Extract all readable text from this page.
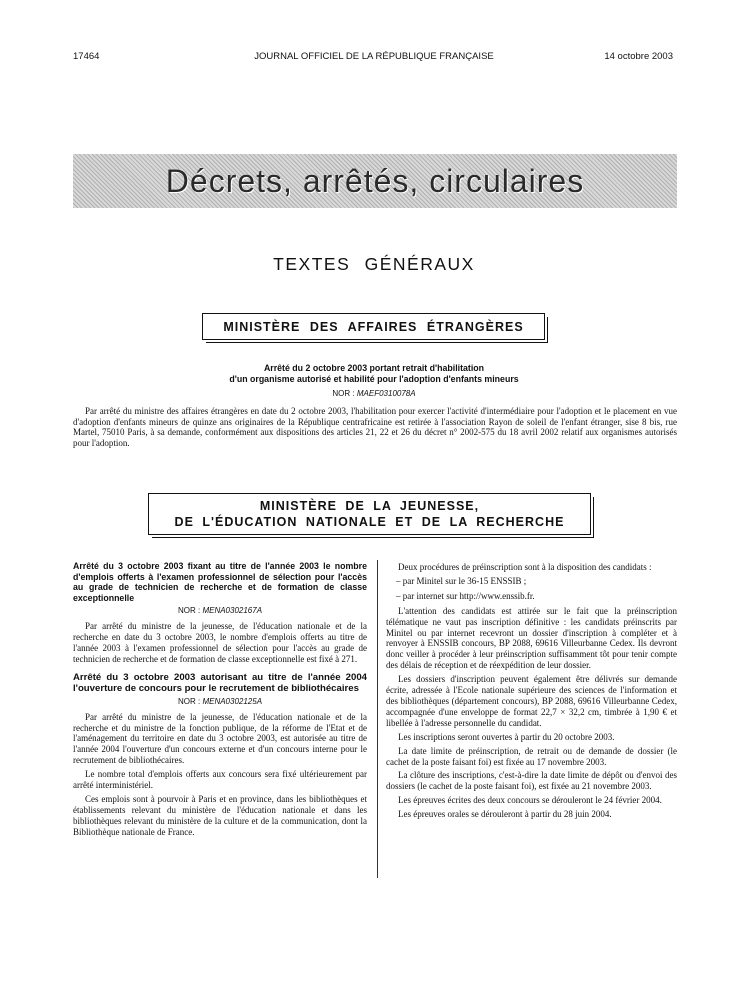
17464	JOURNAL OFFICIEL DE LA RÉPUBLIQUE FRANÇAISE	14 octobre 2003
Décrets, arrêtés, circulaires
TEXTES GÉNÉRAUX
MINISTÈRE DES AFFAIRES ÉTRANGÈRES
Arrêté du 2 octobre 2003 portant retrait d'habilitation
d'un organisme autorisé et habilité pour l'adoption d'enfants mineurs
NOR : MAEF0310078A

Par arrêté du ministre des affaires étrangères en date du 2 octobre 2003, l'habilitation pour exercer l'activité d'intermédiaire pour l'adoption et le placement en vue d'adoption d'enfants mineurs de quinze ans originaires de la République centrafricaine est retirée à l'association Rayon de soleil de l'enfant étranger, sise 8 bis, rue Martel, 75010 Paris, à sa demande, conformément aux dispositions des articles 21, 22 et 26 du décret n° 2002-575 du 18 avril 2002 relatif aux organismes autorisés pour l'adoption.

MINISTÈRE DE LA JEUNESSE,
DE L'ÉDUCATION NATIONALE ET DE LA RECHERCHE
Arrêté du 3 octobre 2003 fixant au titre de l'année 2003 le nombre d'emplois offerts à l'examen professionnel de sélection pour l'accès au grade de technicien de recherche et de formation de classe exceptionnelle
NOR : MENA0302167A

Par arrêté du ministre de la jeunesse, de l'éducation nationale et de la recherche en date du 3 octobre 2003, le nombre d'emplois offerts au titre de l'année 2003 à l'examen professionnel de sélection pour l'accès au grade de technicien de recherche et de formation de classe exceptionnelle est fixé à 271.

Arrêté du 3 octobre 2003 autorisant au titre de l'année 2004 l'ouverture de concours pour le recrutement de bibliothécaires
NOR : MENA0302125A

Par arrêté du ministre de la jeunesse, de l'éducation nationale et de la recherche et du ministre de la fonction publique, de la réforme de l'Etat et de l'aménagement du territoire en date du 3 octobre 2003, est autorisée au titre de l'année 2004 l'ouverture d'un concours externe et d'un concours interne pour le recrutement de bibliothécaires.

Le nombre total d'emplois offerts aux concours sera fixé ultérieurement par arrêté interministériel.

Ces emplois sont à pourvoir à Paris et en province, dans les bibliothèques et établissements relevant du ministère de l'éducation nationale et dans les bibliothèques relevant du ministère de la culture et de la communication, dont la Bibliothèque nationale de France.

Deux procédures de préinscription sont à la disposition des candidats :

– par Minitel sur le 36-15 ENSSIB ;

– par internet sur http://www.enssib.fr.

L'attention des candidats est attirée sur le fait que la préinscription télématique ne vaut pas inscription définitive : les candidats préinscrits par Minitel ou par internet recevront un dossier d'inscription à compléter et à renvoyer à ENSSIB concours, BP 2088, 69616 Villeurbanne Cedex. Ils devront donc veiller à procéder à leur préinscription suffisamment tôt pour tenir compte des délais de réception et de réexpédition de leur dossier.

Les dossiers d'inscription peuvent également être délivrés sur demande écrite, adressée à l'Ecole nationale supérieure des sciences de l'information et des bibliothèques (département concours), BP 2088, 69616 Villeurbanne Cedex, accompagnée d'une enveloppe de format 22,7 × 32,2 cm, timbrée à 1,90 € et libellée à l'adresse personnelle du candidat.

Les inscriptions seront ouvertes à partir du 20 octobre 2003.

La date limite de préinscription, de retrait ou de demande de dossier (le cachet de la poste faisant foi) est fixée au 17 novembre 2003.

La clôture des inscriptions, c'est-à-dire la date limite de dépôt ou d'envoi des dossiers (le cachet de la poste faisant foi), est fixée au 21 novembre 2003.

Les épreuves écrites des deux concours se dérouleront le 24 février 2004.

Les épreuves orales se dérouleront à partir du 28 juin 2004.
